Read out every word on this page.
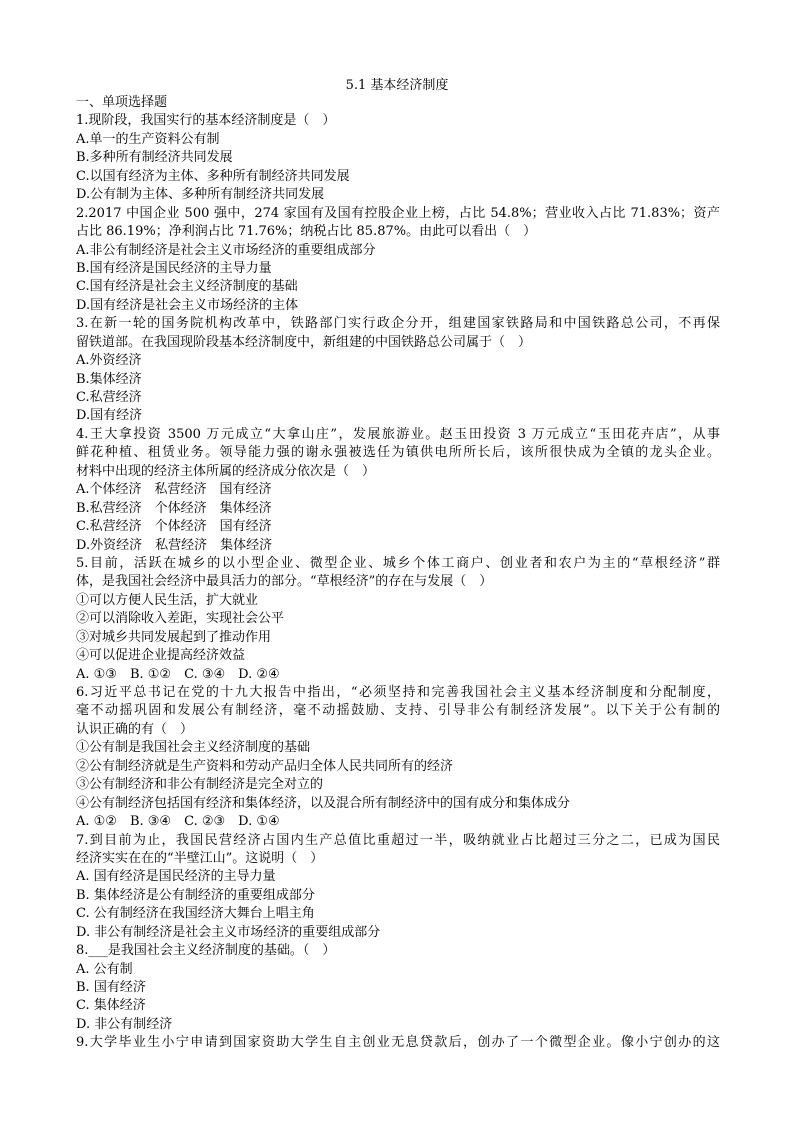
5.1 基本经济制度
一、单项选择题
1.现阶段，我国实行的基本经济制度是（　）
A.单一的生产资料公有制
B.多种所有制经济共同发展
C.以国有经济为主体、多种所有制经济共同发展
D.公有制为主体、多种所有制经济共同发展
2.2017 中国企业 500 强中，274 家国有及国有控股企业上榜，占比 54.8%；营业收入占比 71.83%；资产
占比 86.19%；净利润占比 71.76%；纳税占比 85.87%。由此可以看出（　）
A.非公有制经济是社会主义市场经济的重要组成部分
B.国有经济是国民经济的主导力量
C.国有经济是社会主义经济制度的基础
D.国有经济是社会主义市场经济的主体
3.在新一轮的国务院机构改革中，铁路部门实行政企分开，组建国家铁路局和中国铁路总公司，不再保
留铁道部。在我国现阶段基本经济制度中，新组建的中国铁路总公司属于（　）
A.外资经济
B.集体经济
C.私营经济
D.国有经济
4.王大拿投资 3500 万元成立“大拿山庄”，发展旅游业。赵玉田投资 3 万元成立“玉田花卉店”，从事
鲜花种植、租赁业务。领导能力强的谢永强被选任为镇供电所所长后，该所很快成为全镇的龙头企业。
材料中出现的经济主体所属的经济成分依次是（　）
A.个体经济　私营经济　国有经济
B.私营经济　个体经济　集体经济
C.私营经济　个体经济　国有经济
D.外资经济　私营经济　集体经济
5.目前，活跃在城乡的以小型企业、微型企业、城乡个体工商户、创业者和农户为主的“草根经济”群
体，是我国社会经济中最具活力的部分。“草根经济”的存在与发展（　）
①可以方便人民生活，扩大就业
②可以消除收入差距，实现社会公平
③对城乡共同发展起到了推动作用
④可以促进企业提高经济效益
A. ①③　B. ①②　C. ③④　D. ②④
6.习近平总书记在党的十九大报告中指出，“必须坚持和完善我国社会主义基本经济制度和分配制度，
毫不动摇巩固和发展公有制经济，毫不动摇鼓励、支持、引导非公有制经济发展”。以下关于公有制的
认识正确的有（　）
①公有制是我国社会主义经济制度的基础
②公有制经济就是生产资料和劳动产品归全体人民共同所有的经济
③公有制经济和非公有制经济是完全对立的
④公有制经济包括国有经济和集体经济，以及混合所有制经济中的国有成分和集体成分
A. ①②　B. ③④　C. ②③　D. ①④
7.到目前为止，我国民营经济占国内生产总值比重超过一半，吸纳就业占比超过三分之二，已成为国民
经济实实在在的“半壁江山”。这说明（　）
A. 国有经济是国民经济的主导力量
B. 集体经济是公有制经济的重要组成部分
C. 公有制经济在我国经济大舞台上唱主角
D. 非公有制经济是社会主义市场经济的重要组成部分
8.___是我国社会主义经济制度的基础。（　）
A. 公有制
B. 国有经济
C. 集体经济
D. 非公有制经济
9.大学毕业生小宁申请到国家资助大学生自主创业无息贷款后，创办了一个微型企业。像小宁创办的这
